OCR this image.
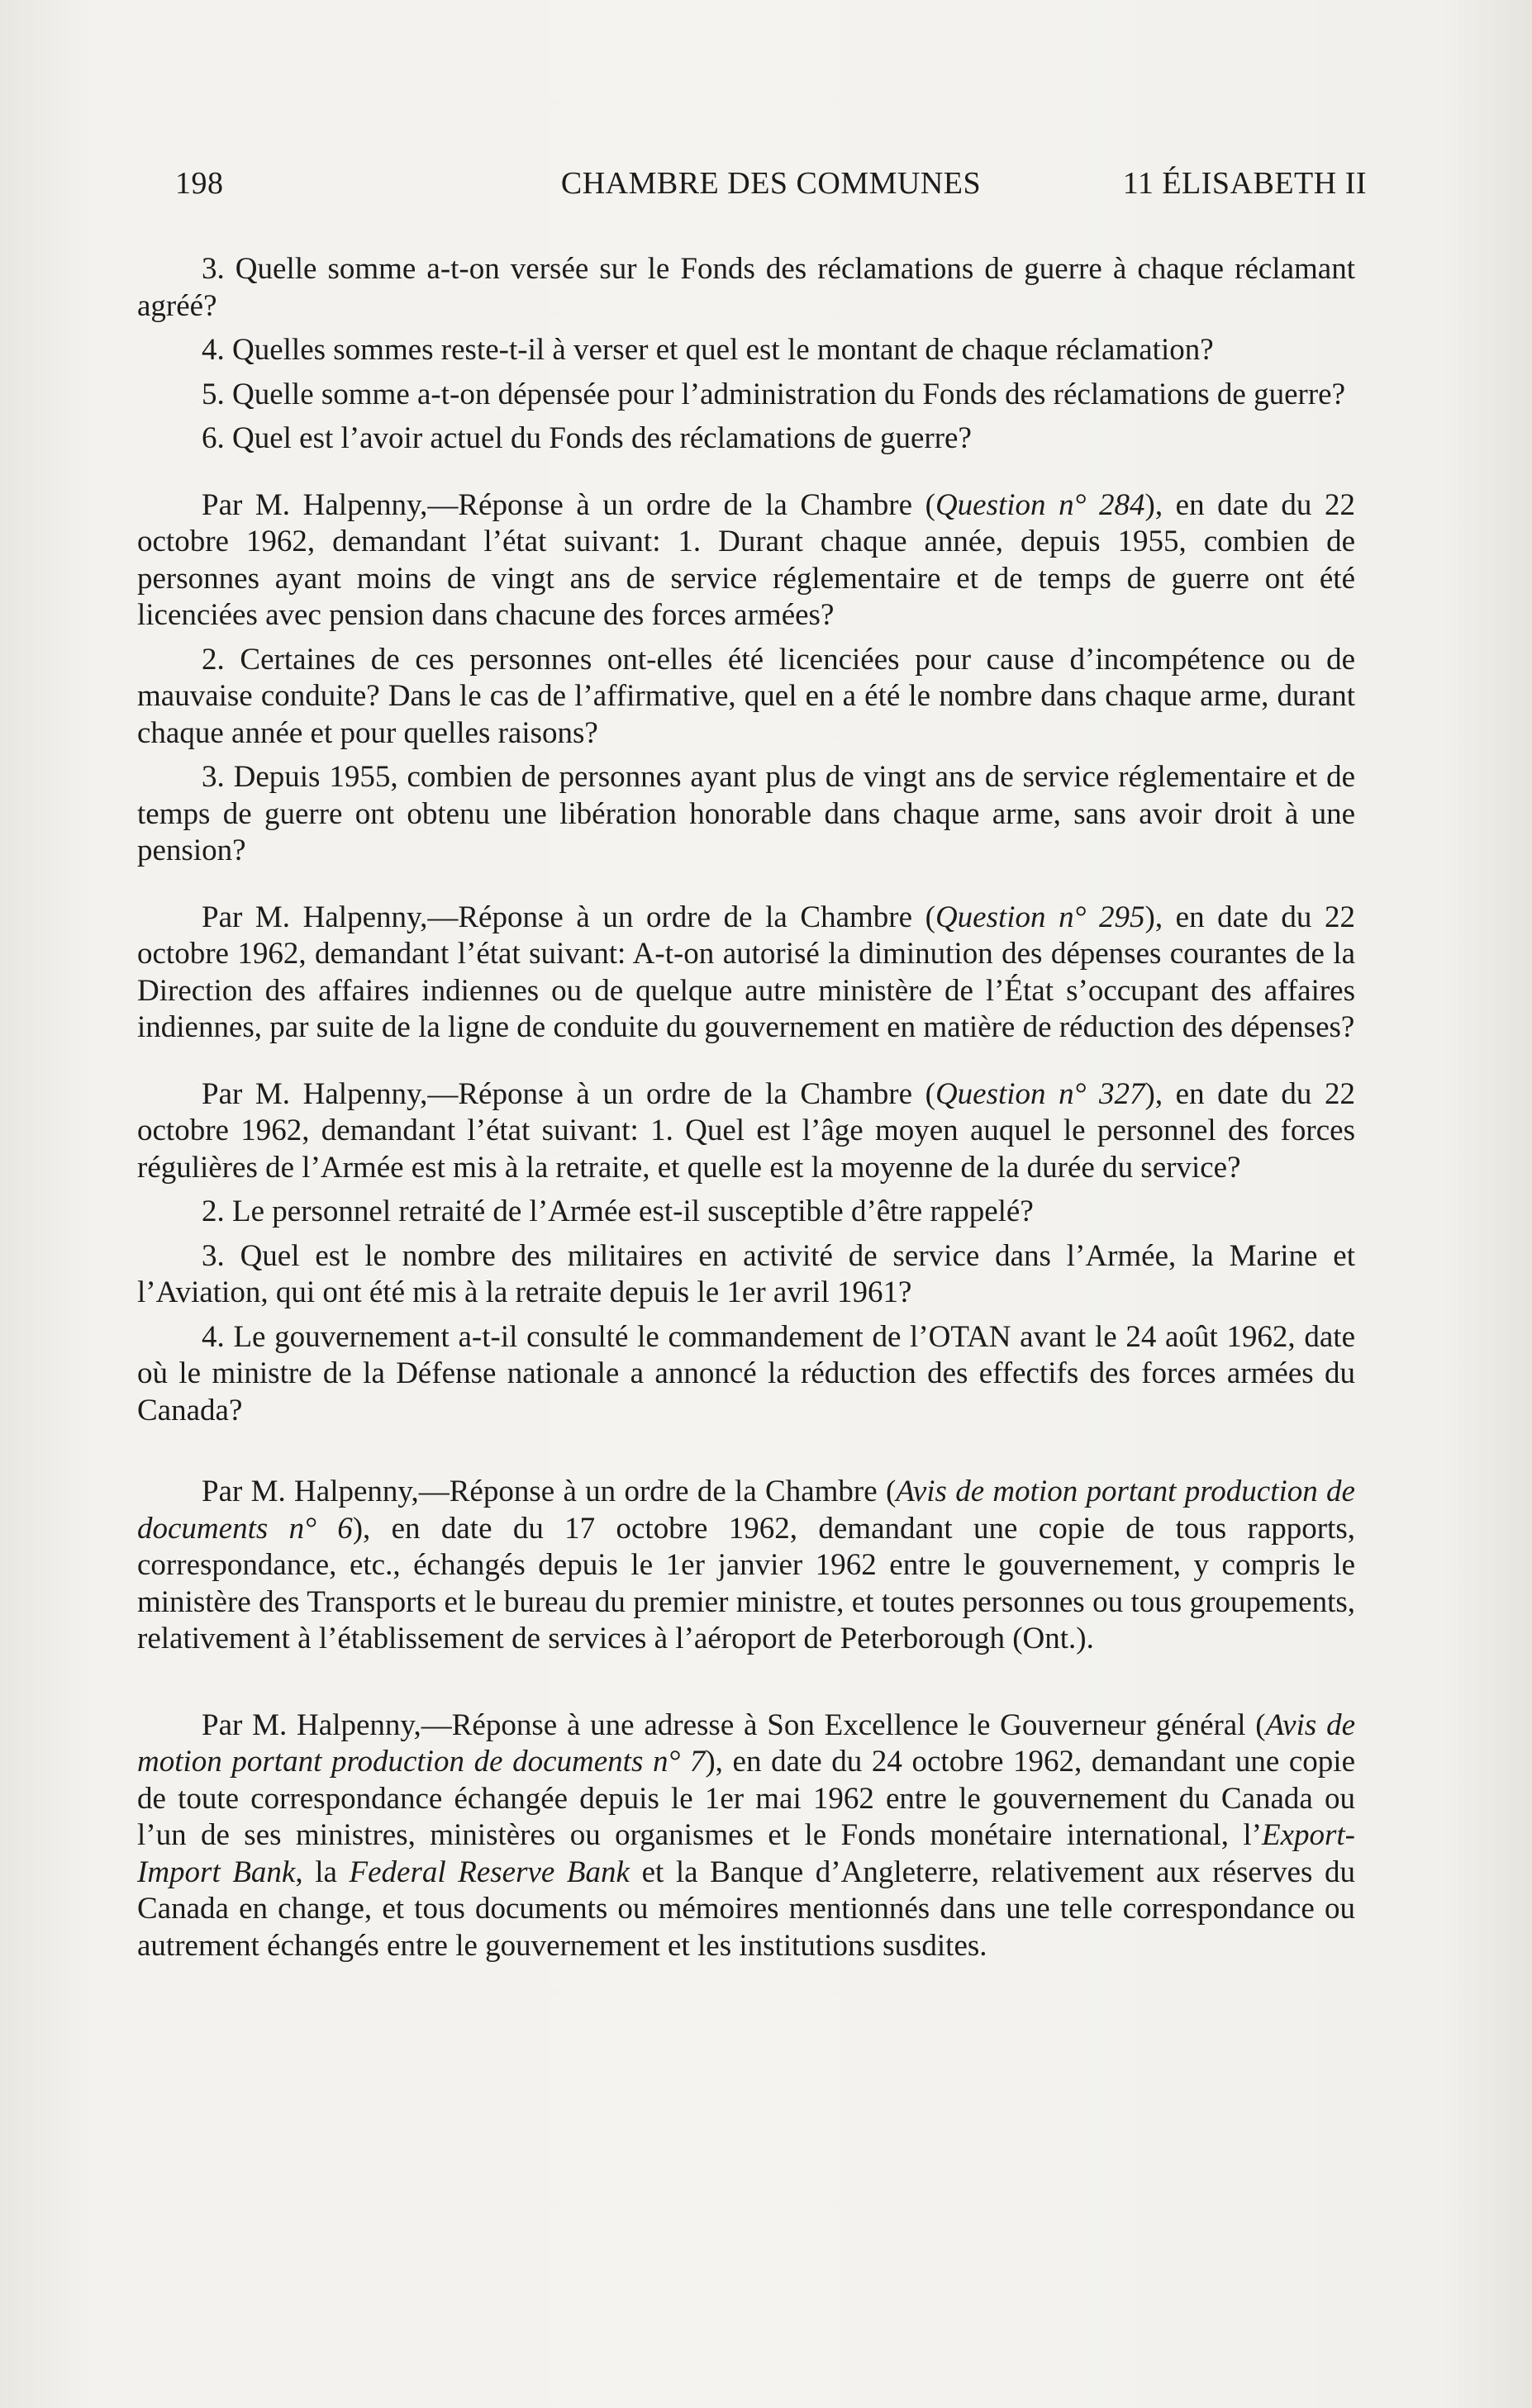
198	CHAMBRE DES COMMUNES	11 ÉLISABETH II

3. Quelle somme a-t-on versée sur le Fonds des réclamations de guerre à chaque réclamant agréé?

4. Quelles sommes reste-t-il à verser et quel est le montant de chaque réclamation?

5. Quelle somme a-t-on dépensée pour l’administration du Fonds des réclamations de guerre?

6. Quel est l’avoir actuel du Fonds des réclamations de guerre?

Par M. Halpenny,—Réponse à un ordre de la Chambre (Question n° 284), en date du 22 octobre 1962, demandant l’état suivant: 1. Durant chaque année, depuis 1955, combien de personnes ayant moins de vingt ans de service réglementaire et de temps de guerre ont été licenciées avec pension dans chacune des forces armées?

2. Certaines de ces personnes ont-elles été licenciées pour cause d’incompétence ou de mauvaise conduite? Dans le cas de l’affirmative, quel en a été le nombre dans chaque arme, durant chaque année et pour quelles raisons?

3. Depuis 1955, combien de personnes ayant plus de vingt ans de service réglementaire et de temps de guerre ont obtenu une libération honorable dans chaque arme, sans avoir droit à une pension?

Par M. Halpenny,—Réponse à un ordre de la Chambre (Question n° 295), en date du 22 octobre 1962, demandant l’état suivant: A-t-on autorisé la diminution des dépenses courantes de la Direction des affaires indiennes ou de quelque autre ministère de l’État s’occupant des affaires indiennes, par suite de la ligne de conduite du gouvernement en matière de réduction des dépenses?

Par M. Halpenny,—Réponse à un ordre de la Chambre (Question n° 327), en date du 22 octobre 1962, demandant l’état suivant: 1. Quel est l’âge moyen auquel le personnel des forces régulières de l’Armée est mis à la retraite, et quelle est la moyenne de la durée du service?

2. Le personnel retraité de l’Armée est-il susceptible d’être rappelé?

3. Quel est le nombre des militaires en activité de service dans l’Armée, la Marine et l’Aviation, qui ont été mis à la retraite depuis le 1er avril 1961?

4. Le gouvernement a-t-il consulté le commandement de l’OTAN avant le 24 août 1962, date où le ministre de la Défense nationale a annoncé la réduction des effectifs des forces armées du Canada?

Par M. Halpenny,—Réponse à un ordre de la Chambre (Avis de motion portant production de documents n° 6), en date du 17 octobre 1962, demandant une copie de tous rapports, correspondance, etc., échangés depuis le 1er janvier 1962 entre le gouvernement, y compris le ministère des Transports et le bureau du premier ministre, et toutes personnes ou tous groupements, relativement à l’établissement de services à l’aéroport de Peterborough (Ont.).

Par M. Halpenny,—Réponse à une adresse à Son Excellence le Gouverneur général (Avis de motion portant production de documents n° 7), en date du 24 octobre 1962, demandant une copie de toute correspondance échangée depuis le 1er mai 1962 entre le gouvernement du Canada ou l’un de ses ministres, ministères ou organismes et le Fonds monétaire international, l’Export-Import Bank, la Federal Reserve Bank et la Banque d’Angleterre, relativement aux réserves du Canada en change, et tous documents ou mémoires mentionnés dans une telle correspondance ou autrement échangés entre le gouvernement et les institutions susdites.
